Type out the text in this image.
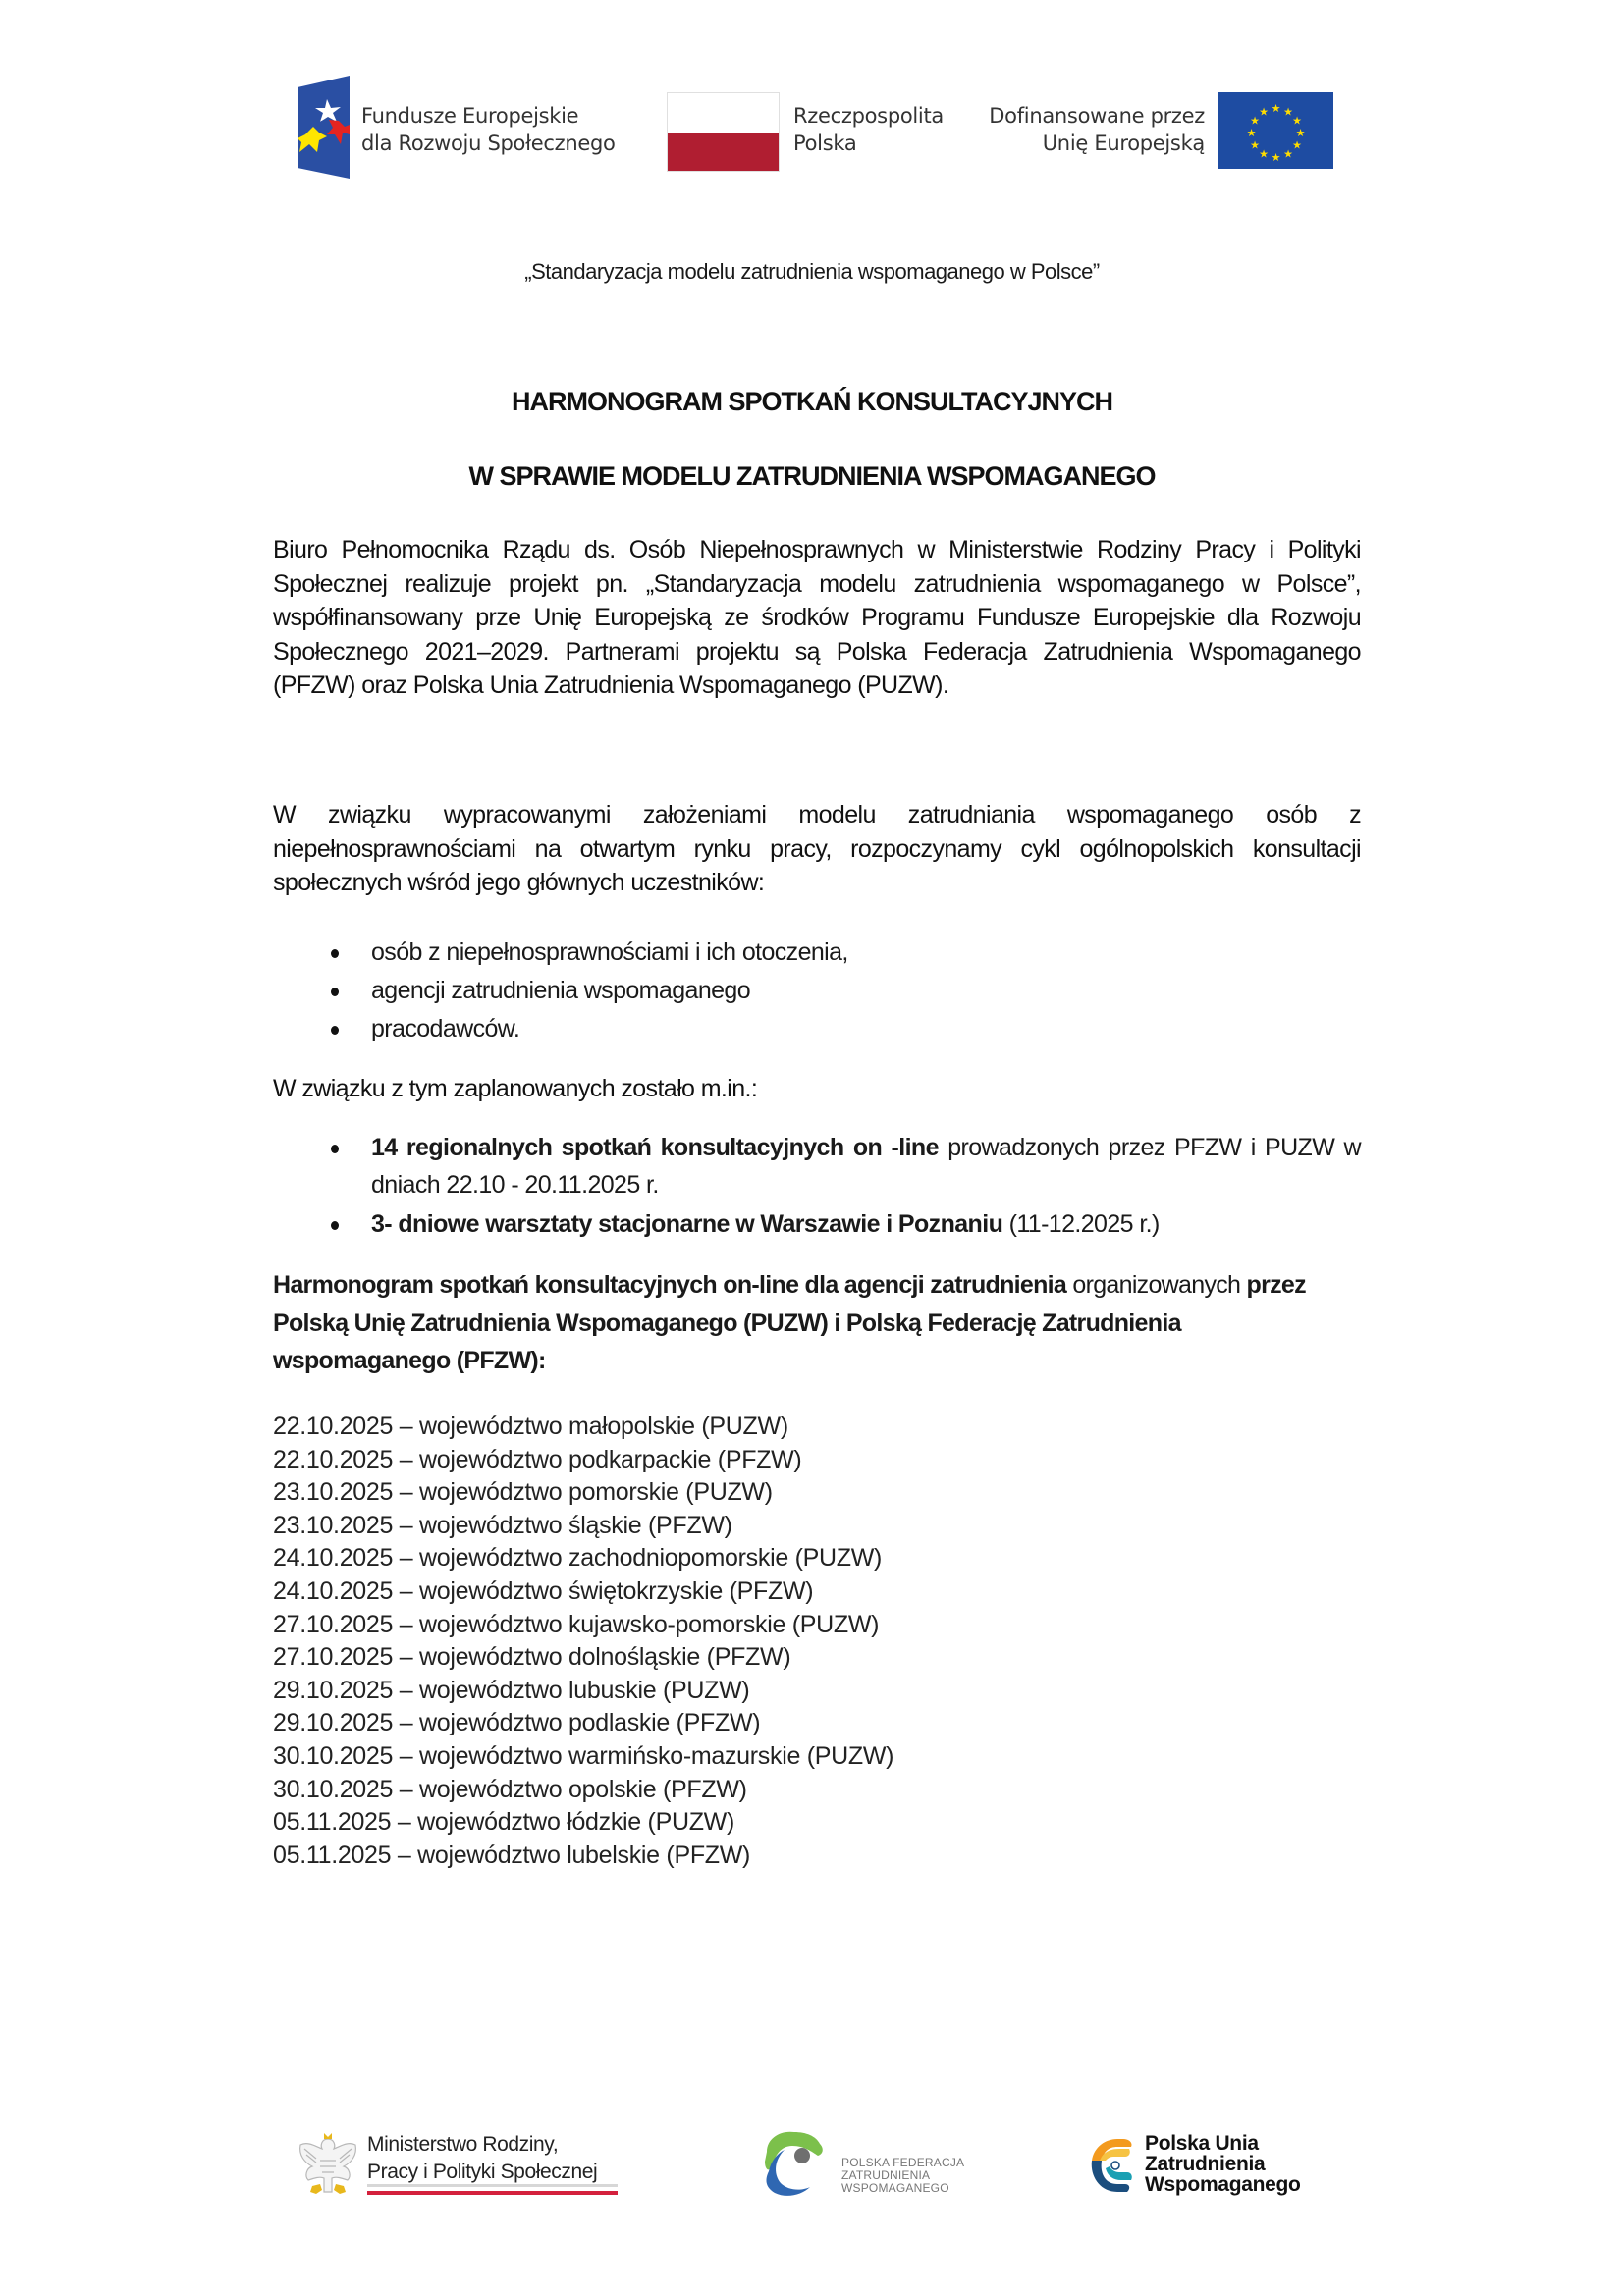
Fundusze Europejskie
dla Rozwoju Społecznego
Rzeczpospolita
Polska
Dofinansowane przez
Unię Europejską
★ ★
★
★
★
★
★
★
★
★
★
★
„Standaryzacja modelu zatrudnienia wspomaganego w Polsce”
HARMONOGRAM SPOTKAŃ KONSULTACYJNYCH
W SPRAWIE MODELU ZATRUDNIENIA WSPOMAGANEGO

Biuro Pełnomocnika Rządu ds. Osób Niepełnosprawnych w Ministerstwie Rodziny Pracy i Polityki Społecznej realizuje projekt pn. „Standaryzacja modelu zatrudnienia wspomaganego w Polsce”, współfinansowany prze Unię Europejską ze środków Programu Fundusze Europejskie dla Rozwoju Społecznego 2021–2029. Partnerami projektu są Polska Federacja Zatrudnienia Wspomaganego (PFZW) oraz Polska Unia Zatrudnienia Wspomaganego (PUZW).

W związku wypracowanymi założeniami modelu zatrudniania wspomaganego osób z niepełnosprawnościami na otwartym rynku pracy, rozpoczynamy cykl ogólnopolskich konsultacji społecznych wśród jego głównych uczestników:

osób z niepełnosprawnościami i ich otoczenia,
agencji zatrudnienia wspomaganego
pracodawców.

W związku z tym zaplanowanych zostało m.in.:

14 regionalnych spotkań konsultacyjnych on -line prowadzonych przez PFZW i PUZW w dniach 22.10 - 20.11.2025 r.
3- dniowe warsztaty stacjonarne w Warszawie i Poznaniu (11-12.2025 r.)
Harmonogram spotkań konsultacyjnych on-line dla agencji zatrudnienia organizowanych przez Polską Unię Zatrudnienia Wspomaganego (PUZW) i Polską Federację Zatrudnienia wspomaganego (PFZW):
22.10.2025 – województwo małopolskie (PUZW)
22.10.2025 – województwo podkarpackie (PFZW)
23.10.2025 – województwo pomorskie (PUZW)
23.10.2025 – województwo śląskie (PFZW)
24.10.2025 – województwo zachodniopomorskie (PUZW)
24.10.2025 – województwo świętokrzyskie (PFZW)
27.10.2025 – województwo kujawsko-pomorskie (PUZW)
27.10.2025 – województwo dolnośląskie (PFZW)
29.10.2025 – województwo lubuskie (PUZW)
29.10.2025 – województwo podlaskie (PFZW)
30.10.2025 – województwo warmińsko-mazurskie (PUZW)
30.10.2025 – województwo opolskie (PFZW)
05.11.2025 – województwo łódzkie (PUZW)
05.11.2025 – województwo lubelskie (PFZW)
Ministerstwo Rodziny,
Pracy i Polityki Społecznej	POLSKA FEDERACJA
ZATRUDNIENIA
WSPOMAGANEGO
Polska Unia
Zatrudnienia
Wspomaganego
